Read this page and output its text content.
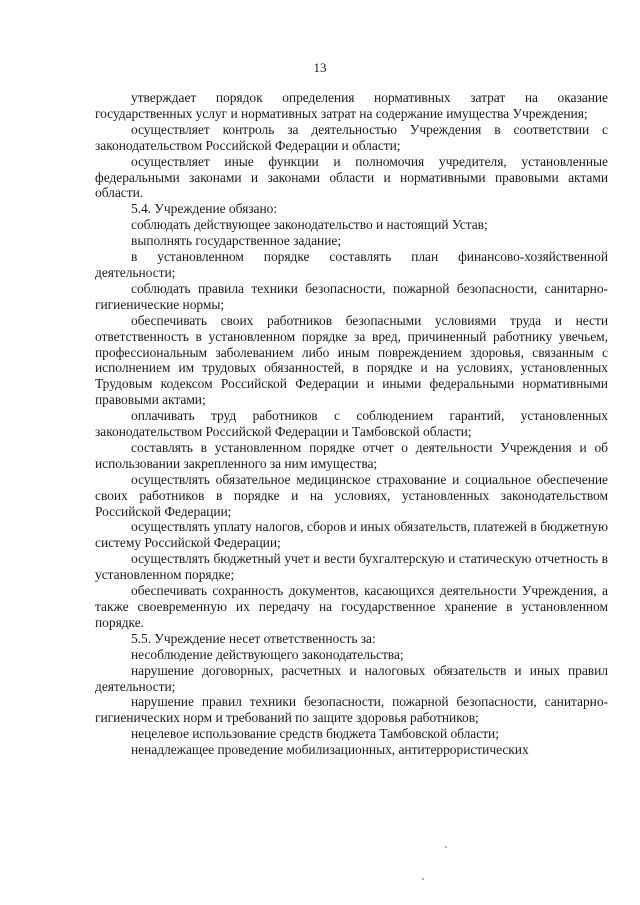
13

утверждает порядок определения нормативных затрат на оказание государственных услуг и нормативных затрат на содержание имущества Учреждения;

осуществляет контроль за деятельностью Учреждения в соответствии с законодательством Российской Федерации и области;

осуществляет иные функции и полномочия учредителя, установленные федеральными законами и законами области и нормативными правовыми актами области.

5.4. Учреждение обязано:

соблюдать действующее законодательство и настоящий Устав;

выполнять государственное задание;

в установленном порядке составлять план финансово-хозяйственной деятельности;

соблюдать правила техники безопасности, пожарной безопасности, санитарно-гигиенические нормы;

обеспечивать своих работников безопасными условиями труда и нести ответственность в установленном порядке за вред, причиненный работнику увечьем, профессиональным заболеванием либо иным повреждением здоровья, связанным с исполнением им трудовых обязанностей, в порядке и на условиях, установленных Трудовым кодексом Российской Федерации и иными федеральными нормативными правовыми актами;

оплачивать труд работников с соблюдением гарантий, установленных законодательством Российской Федерации и Тамбовской области;

составлять в установленном порядке отчет о деятельности Учреждения и об использовании закрепленного за ним имущества;

осуществлять обязательное медицинское страхование и социальное обеспечение своих работников в порядке и на условиях, установленных законодательством Российской Федерации;

осуществлять уплату налогов, сборов и иных обязательств, платежей в бюджетную систему Российской Федерации;

осуществлять бюджетный учет и вести бухгалтерскую и статическую отчетность в установленном порядке;

обеспечивать сохранность документов, касающихся деятельности Учреждения, а также своевременную их передачу на государственное хранение в установленном порядке.

5.5. Учреждение несет ответственность за:

несоблюдение действующего законодательства;

нарушение договорных, расчетных и налоговых обязательств и иных правил деятельности;

нарушение правил техники безопасности, пожарной безопасности, санитарно-гигиенических норм и требований по защите здоровья работников;

нецелевое использование средств бюджета Тамбовской области;

ненадлежащее проведение мобилизационных, антитеррористических
